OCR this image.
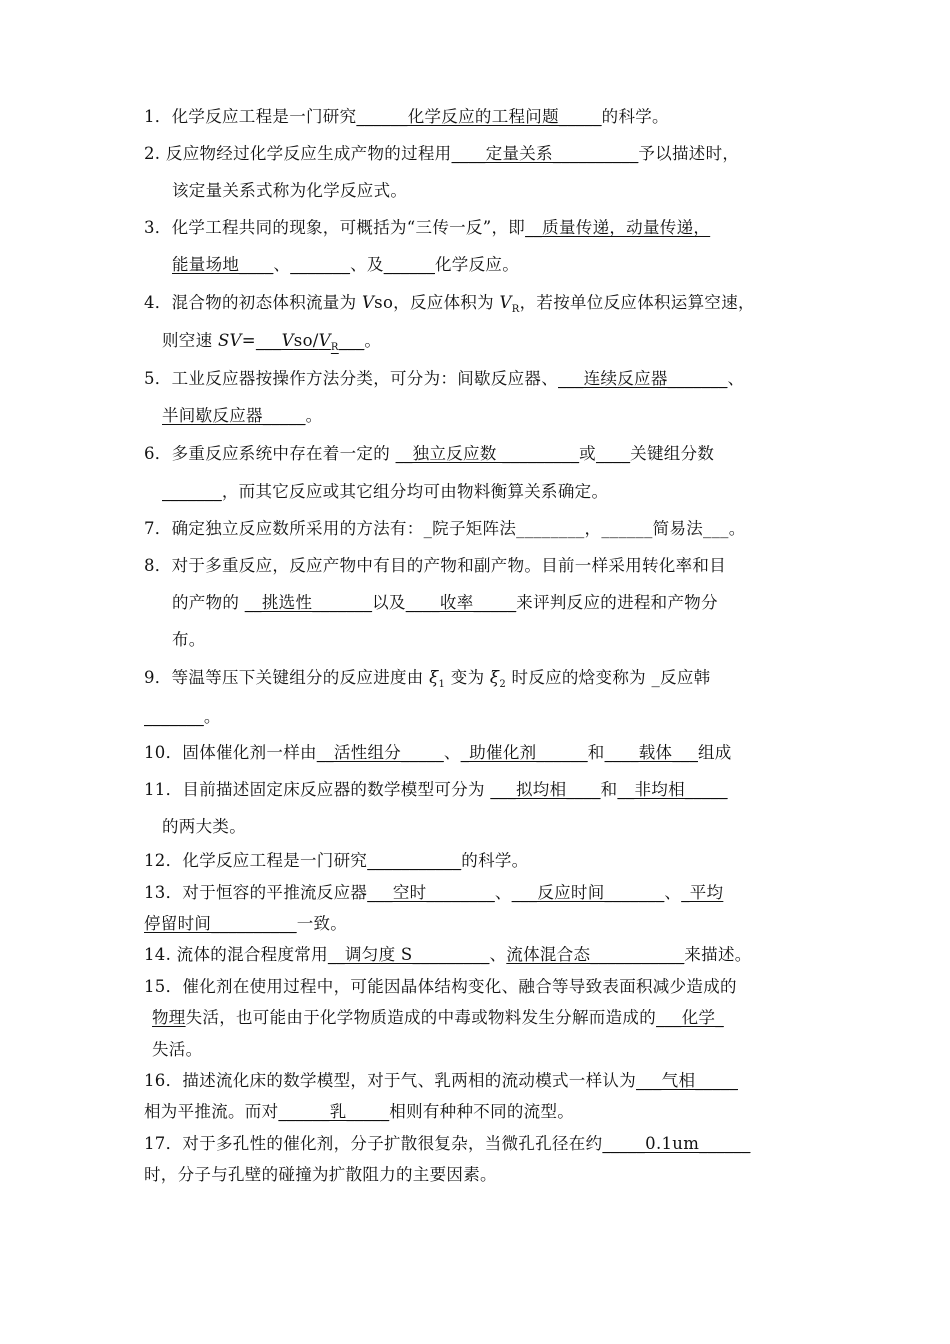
1．化学反应工程是一门研究______化学反应的工程问题_____的科学。
2. 反应物经过化学反应生成产物的过程用____定量关系__________予以描述时，
该定量关系式称为化学反应式。
3．化学工程共同的现象，可概括为“三传一反”，即__质量传递，动量传递，
能量场地____、_______、及______化学反应。
4．混合物的初态体积流量为 Vso，反应体积为 $V_R$，若按单位反应体积运算空速，
则空速 $SV=\_\_\_Vso/V_R\_\_\_$。
5．工业反应器按操作方法分类，可分为：间歇反应器、___连续反应器_______、
半间歇反应器_____。
6．多重反应系统中存在着一定的 __独立反应数 _________或____关键组分数
_______，而其它反应或其它组分均可由物料衡算关系确定。
7．确定独立反应数所采用的方法有：_院子矩阵法________，______简易法___。
8．对于多重反应，反应产物中有目的产物和副产物。目前一样采用转化率和目
的产物的 __挑选性_______以及____收率_____来评判反应的进程和产物分
布。
9．等温等压下关键组分的反应进度由 $\xi_1$ 变为 $\xi_2$ 时反应的焓变称为 _反应韩
_______。
10．固体催化剂一样由__活性组分_____、_助催化剂______和____载体___组成
11．目前描述固定床反应器的数学模型可分为 ___拟均相____和__非均相_____
的两大类。
12．化学反应工程是一门研究___________的科学。
13．对于恒容的平推流反应器___空时________、___反应时间_______、_平均
停留时间__________一致。
14. 流体的混合程度常用__调匀度 S_________、流体混合态___________来描述。
15．催化剂在使用过程中，可能因晶体结构变化、融合等导致表面积减少造成的
物理失活，也可能由于化学物质造成的中毒或物料发生分解而造成的___化学_
失活。
16．描述流化床的数学模型，对于气、乳两相的流动模式一样认为___气相_____
相为平推流。而对______乳_____相则有种种不同的流型。
17．对于多孔性的催化剂，分子扩散很复杂，当微孔孔径在约_____0.1um______
时，分子与孔壁的碰撞为扩散阻力的主要因素。
